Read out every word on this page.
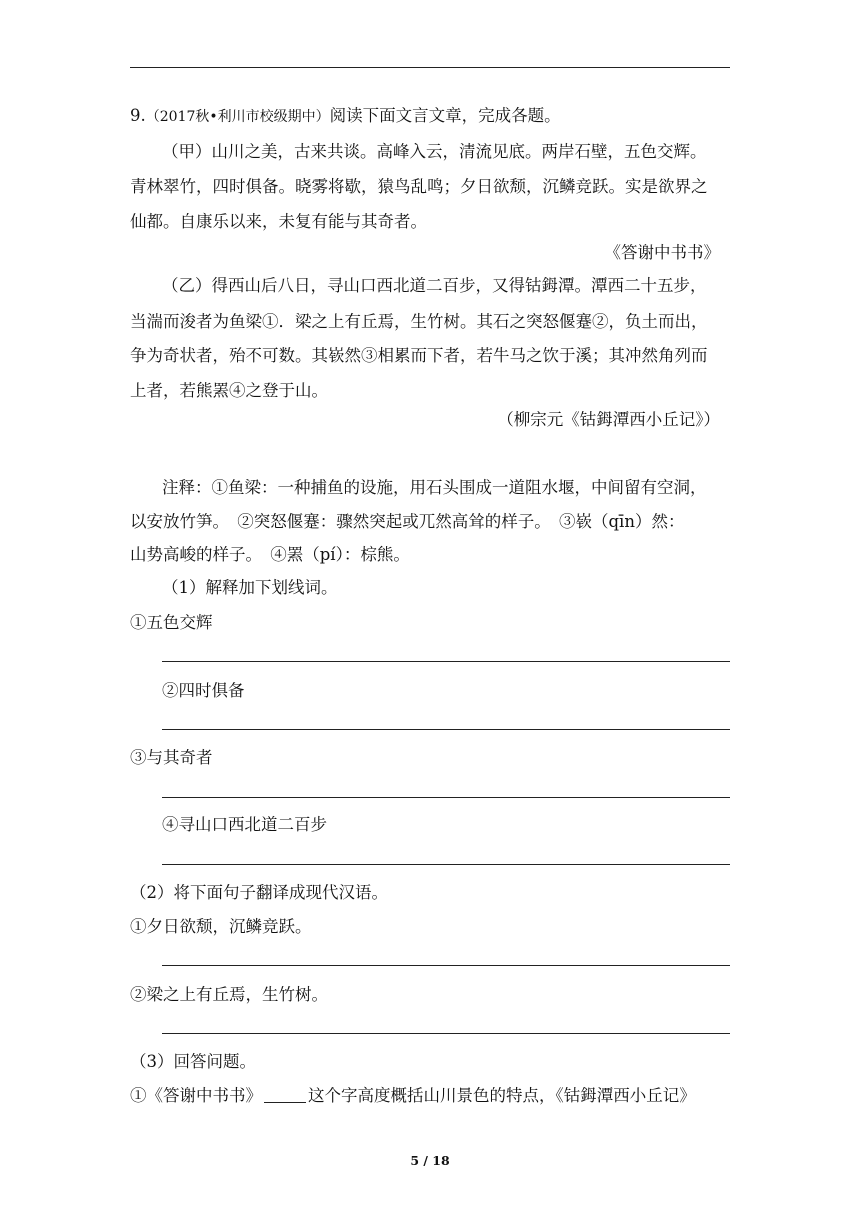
9.（2017秋•利川市校级期中）阅读下面文言文章，完成各题。
（甲）山川之美，古来共谈。高峰入云，清流见底。两岸石壁，五色交辉。
青林翠竹，四时俱备。晓雾将歇，猿鸟乱鸣；夕日欲颓，沉鳞竞跃。实是欲界之
仙都。自康乐以来，未复有能与其奇者。
《答谢中书书》
（乙）得西山后八日，寻山口西北道二百步，又得钴鉧潭。潭西二十五步，
当湍而浚者为鱼梁①．梁之上有丘焉，生竹树。其石之突怒偃蹇②，负土而出，
争为奇状者，殆不可数。其嵚然③相累而下者，若牛马之饮于溪；其冲然角列而
上者，若熊罴④之登于山。
（柳宗元《钴鉧潭西小丘记》）
注释：①鱼梁：一种捕鱼的设施，用石头围成一道阻水堰，中间留有空洞，
以安放竹笋。　②突怒偃蹇：骤然突起或兀然高耸的样子。　③嵚（qīn）然：
山势高峻的样子。　④罴（pí）：棕熊。
（1）解释加下划线词。
①五色交辉
②四时俱备
③与其奇者
④寻山口西北道二百步
（2）将下面句子翻译成现代汉语。
①夕日欲颓，沉鳞竞跃。
②梁之上有丘焉，生竹树。
（3）回答问题。
①《答谢中书书》	这个字高度概括山川景色的特点，《钴鉧潭西小丘记》
5 / 18
